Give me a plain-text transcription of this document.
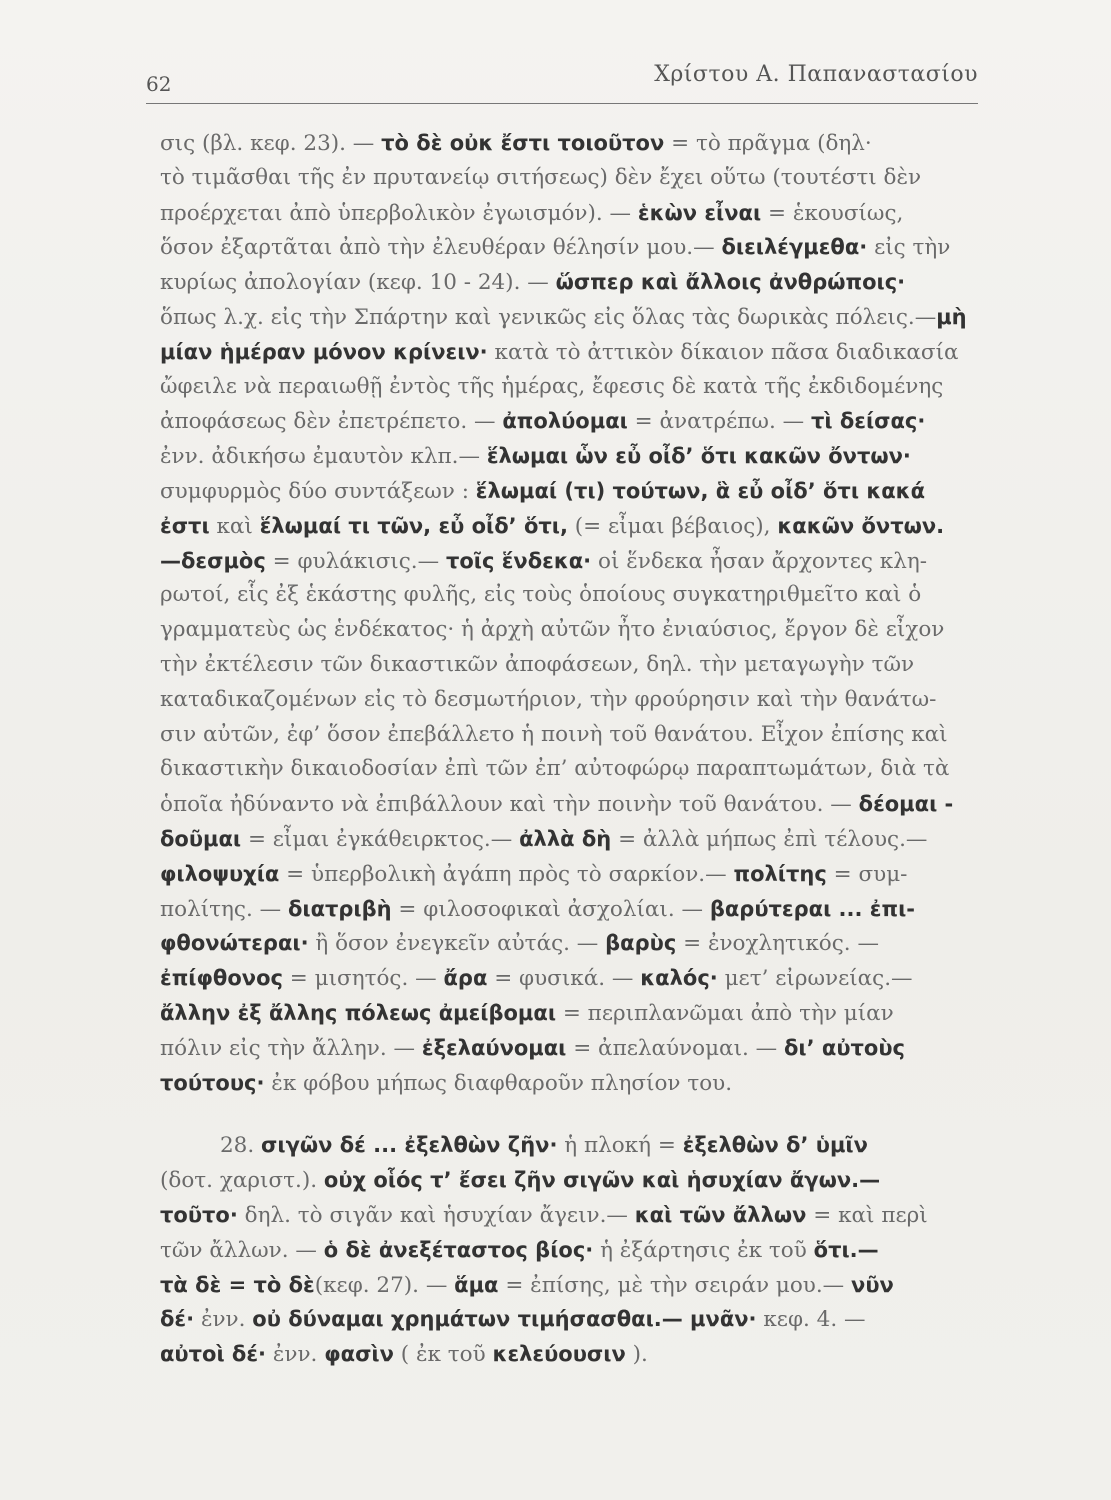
62	Χρίστου Α. Παπαναστασίου
σις (βλ. κεφ. 23). — τὸ δὲ οὐκ ἔστι τοιοῦτον = τὸ πρᾶγμα (δηλ·
τὸ τιμᾶσθαι τῆς ἐν πρυτανείῳ σιτήσεως) δὲν ἔχει οὕτω (τουτέστι δὲν
προέρχεται ἀπὸ ὑπερβολικὸν ἐγωισμόν). — ἑκὼν εἶναι = ἑκουσίως,
ὅσον ἐξαρτᾶται ἀπὸ τὴν ἐλευθέραν θέλησίν μου.— διειλέγμεθα· εἰς τὴν
κυρίως ἀπολογίαν (κεφ. 10 - 24). — ὥσπερ καὶ ἄλλοις ἀνθρώποις·
ὅπως λ.χ. εἰς τὴν Σπάρτην καὶ γενικῶς εἰς ὅλας τὰς δωρικὰς πόλεις.—μὴ
μίαν ἡμέραν μόνον κρίνειν· κατὰ τὸ ἀττικὸν δίκαιον πᾶσα διαδικασία
ὤφειλε νὰ περαιωθῇ ἐντὸς τῆς ἡμέρας, ἔφεσις δὲ κατὰ τῆς ἐκδιδομένης
ἀποφάσεως δὲν ἐπετρέπετο. — ἀπολύομαι = ἀνατρέπω. — τὶ δείσας·
ἐνν. ἀδικήσω ἐμαυτὸν κλπ.— ἕλωμαι ὧν εὖ οἶδ’ ὅτι κακῶν ὄντων·
συμφυρμὸς δύο συντάξεων : ἕλωμαί (τι) τούτων, ἃ εὖ οἶδ’ ὅτι κακά
ἐστι καὶ ἕλωμαί τι τῶν, εὖ οἶδ’ ὅτι, (= εἶμαι βέβαιος), κακῶν ὄντων.
—δεσμὸς = φυλάκισις.— τοῖς ἕνδεκα· οἱ ἕνδεκα ἦσαν ἄρχοντες κλη-
ρωτοί, εἷς ἐξ ἑκάστης φυλῆς, εἰς τοὺς ὁποίους συγκατηριθμεῖτο καὶ ὁ
γραμματεὺς ὡς ἑνδέκατος· ἡ ἀρχὴ αὐτῶν ἦτο ἐνιαύσιος, ἔργον δὲ εἶχον
τὴν ἐκτέλεσιν τῶν δικαστικῶν ἀποφάσεων, δηλ. τὴν μεταγωγὴν τῶν
καταδικαζομένων εἰς τὸ δεσμωτήριον, τὴν φρούρησιν καὶ τὴν θανάτω-
σιν αὐτῶν, ἐφ’ ὅσον ἐπεβάλλετο ἡ ποινὴ τοῦ θανάτου. Εἶχον ἐπίσης καὶ
δικαστικὴν δικαιοδοσίαν ἐπὶ τῶν ἐπ’ αὐτοφώρῳ παραπτωμάτων, διὰ τὰ
ὁποῖα ἠδύναντο νὰ ἐπιβάλλουν καὶ τὴν ποινὴν τοῦ θανάτου. — δέομαι -
δοῦμαι = εἶμαι ἐγκάθειρκτος.— ἀλλὰ δὴ = ἀλλὰ μήπως ἐπὶ τέλους.—
φιλοψυχία = ὑπερβολικὴ ἀγάπη πρὸς τὸ σαρκίον.— πολίτης = συμ-
πολίτης. — διατριβὴ = φιλοσοφικαὶ ἀσχολίαι. — βαρύτεραι ... ἐπι-
φθονώτεραι· ἢ ὅσον ἐνεγκεῖν αὐτάς. — βαρὺς = ἐνοχλητικός. —
ἐπίφθονος = μισητός. — ἄρα = φυσικά. — καλός· μετ’ εἰρωνείας.—
ἄλλην ἐξ ἄλλης πόλεως ἀμείβομαι = περιπλανῶμαι ἀπὸ τὴν μίαν
πόλιν εἰς τὴν ἄλλην. — ἐξελαύνομαι = ἀπελαύνομαι. — δι’ αὐτοὺς
τούτους· ἐκ φόβου μήπως διαφθαροῦν πλησίον του.
28. σιγῶν δέ ... ἐξελθὼν ζῆν· ἡ πλοκή = ἐξελθὼν δ’ ὑμῖν
(δοτ. χαριστ.). οὐχ οἷός τ’ ἔσει ζῆν σιγῶν καὶ ἡσυχίαν ἄγων.—
τοῦτο· δηλ. τὸ σιγᾶν καὶ ἡσυχίαν ἄγειν.— καὶ τῶν ἄλλων = καὶ περὶ
τῶν ἄλλων. — ὁ δὲ ἀνεξέταστος βίος· ἡ ἐξάρτησις ἐκ τοῦ ὅτι.—
τὰ δὲ = τὸ δὲ(κεφ. 27). — ἅμα = ἐπίσης, μὲ τὴν σειράν μου.— νῦν
δέ· ἐνν. οὐ δύναμαι χρημάτων τιμήσασθαι.— μνᾶν· κεφ. 4. —
αὐτοὶ δέ· ἐνν. φασὶν ( ἐκ τοῦ κελεύουσιν ).
